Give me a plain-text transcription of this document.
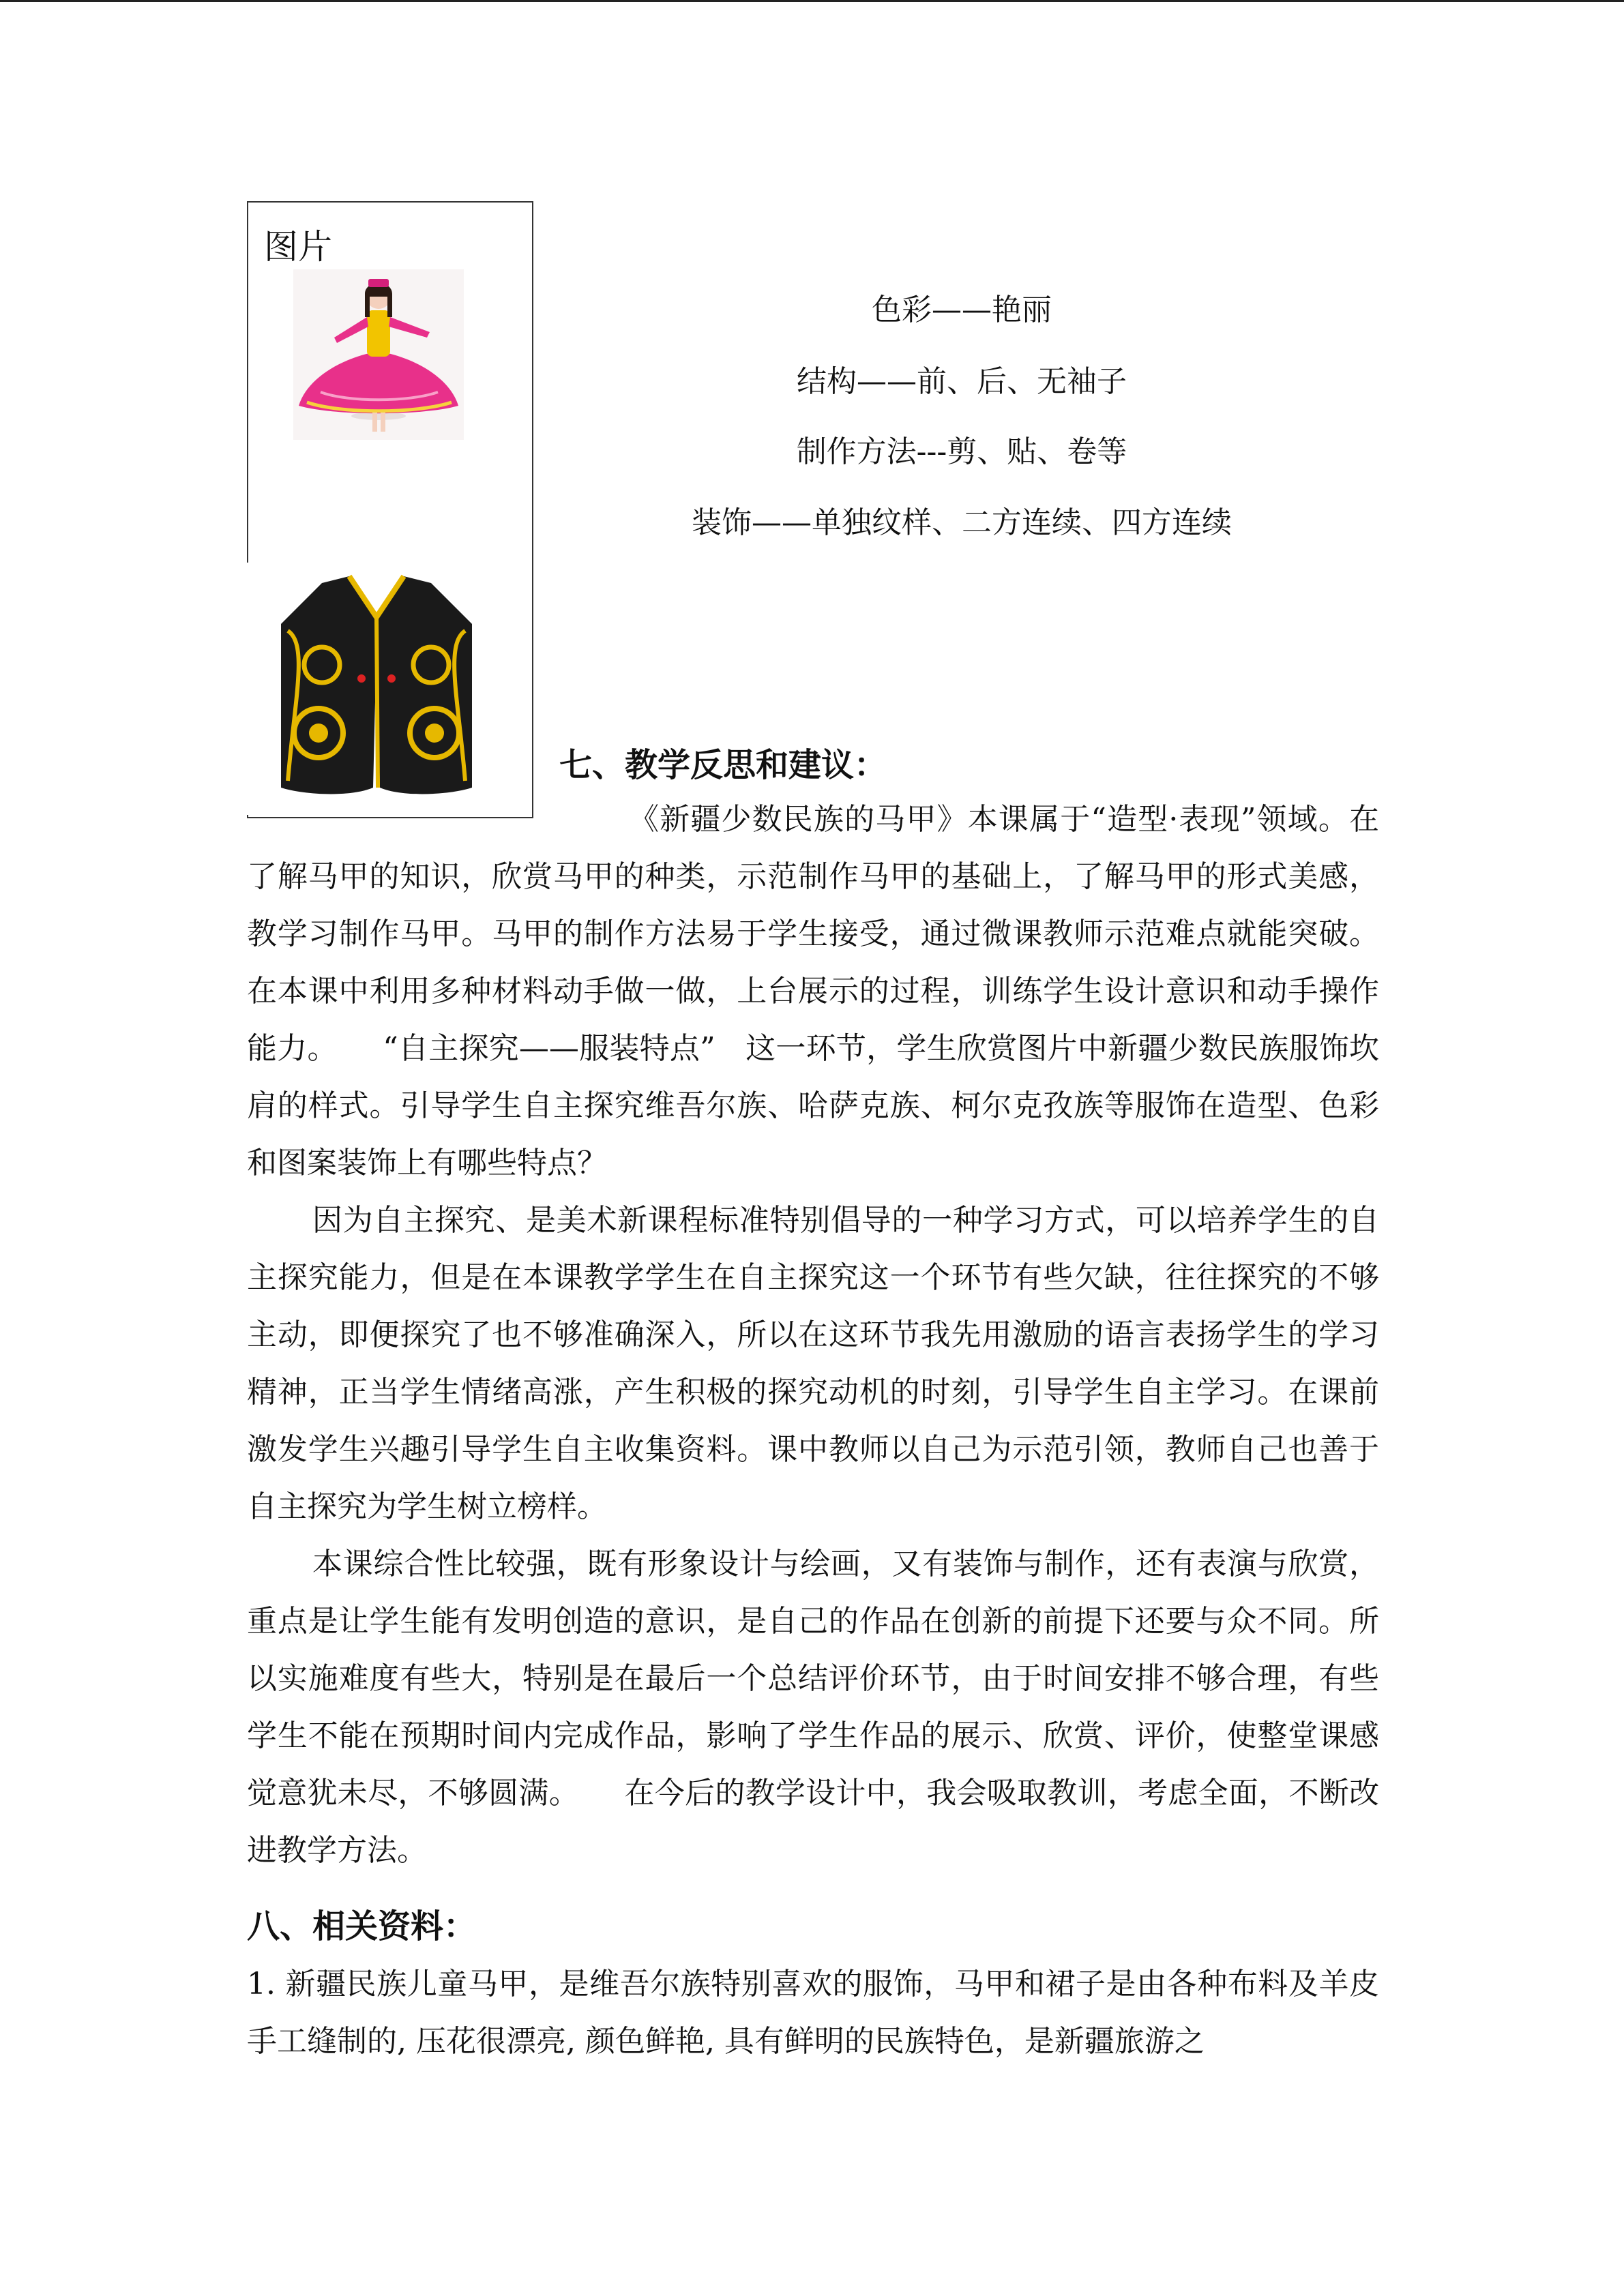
图片
色彩——艳丽
结构——前、后、无袖子
制作方法---剪、贴、卷等
装饰——单独纹样、二方连续、四方连续
七、教学反思和建议：

《新疆少数民族的马甲》本课属于“造型·表现”领域。在了解马甲的知识，欣赏马甲的种类，示范制作马甲的基础上，了解马甲的形式美感，教学习制作马甲。马甲的制作方法易于学生接受，通过微课教师示范难点就能突破。在本课中利用多种材料动手做一做，上台展示的过程，训练学生设计意识和动手操作能力。　　“自主探究——服装特点”　这一环节，学生欣赏图片中新疆少数民族服饰坎肩的样式。引导学生自主探究维吾尔族、哈萨克族、柯尔克孜族等服饰在造型、色彩和图案装饰上有哪些特点？

因为自主探究、是美术新课程标准特别倡导的一种学习方式，可以培养学生的自主探究能力，但是在本课教学学生在自主探究这一个环节有些欠缺，往往探究的不够主动，即便探究了也不够准确深入，所以在这环节我先用激励的语言表扬学生的学习精神，正当学生情绪高涨，产生积极的探究动机的时刻，引导学生自主学习。在课前激发学生兴趣引导学生自主收集资料。课中教师以自己为示范引领，教师自己也善于自主探究为学生树立榜样。

本课综合性比较强，既有形象设计与绘画，又有装饰与制作，还有表演与欣赏，重点是让学生能有发明创造的意识，是自己的作品在创新的前提下还要与众不同。所以实施难度有些大，特别是在最后一个总结评价环节，由于时间安排不够合理，有些学生不能在预期时间内完成作品，影响了学生作品的展示、欣赏、评价，使整堂课感觉意犹未尽，不够圆满。　　在今后的教学设计中，我会吸取教训，考虑全面，不断改进教学方法。

八、相关资料：
1. 新疆民族儿童马甲，是维吾尔族特别喜欢的服饰，马甲和裙子是由各种布料及羊皮手工缝制的, 压花很漂亮, 颜色鲜艳, 具有鲜明的民族特色，是新疆旅游之
